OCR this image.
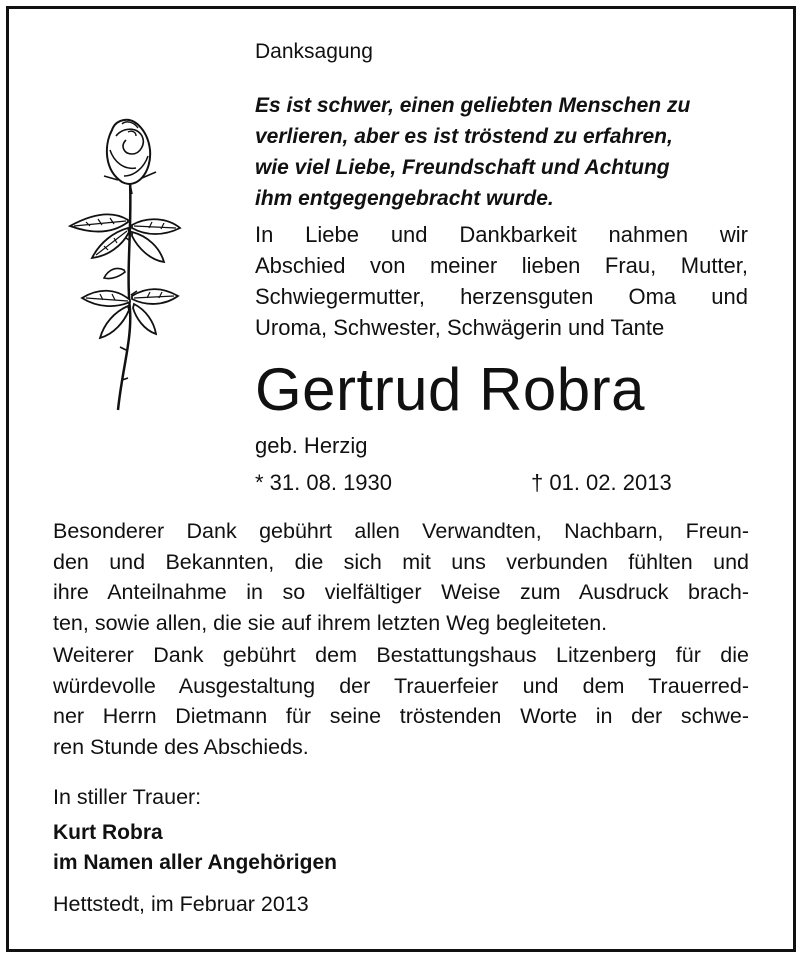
Danksagung
Es ist schwer, einen geliebten Menschen zu
verlieren, aber es ist tröstend zu erfahren,
wie viel Liebe, Freundschaft und Achtung
ihm entgegengebracht wurde.
In Liebe und Dankbarkeit nahmen wir
Abschied von meiner lieben Frau, Mutter,
Schwiegermutter, herzensguten Oma und
Uroma, Schwester, Schwägerin und Tante
Gertrud Robra
geb. Herzig
* 31. 08. 1930	† 01. 02. 2013
Besonderer Dank gebührt allen Verwandten, Nachbarn, Freun-
den und Bekannten, die sich mit uns verbunden fühlten und
ihre Anteilnahme in so vielfältiger Weise zum Ausdruck brach-
ten, sowie allen, die sie auf ihrem letzten Weg begleiteten.
Weiterer Dank gebührt dem Bestattungshaus Litzenberg für die
würdevolle Ausgestaltung der Trauerfeier und dem Trauerred-
ner Herrn Dietmann für seine tröstenden Worte in der schwe-
ren Stunde des Abschieds.
In stiller Trauer:
Kurt Robra
im Namen aller Angehörigen
Hettstedt, im Februar 2013
